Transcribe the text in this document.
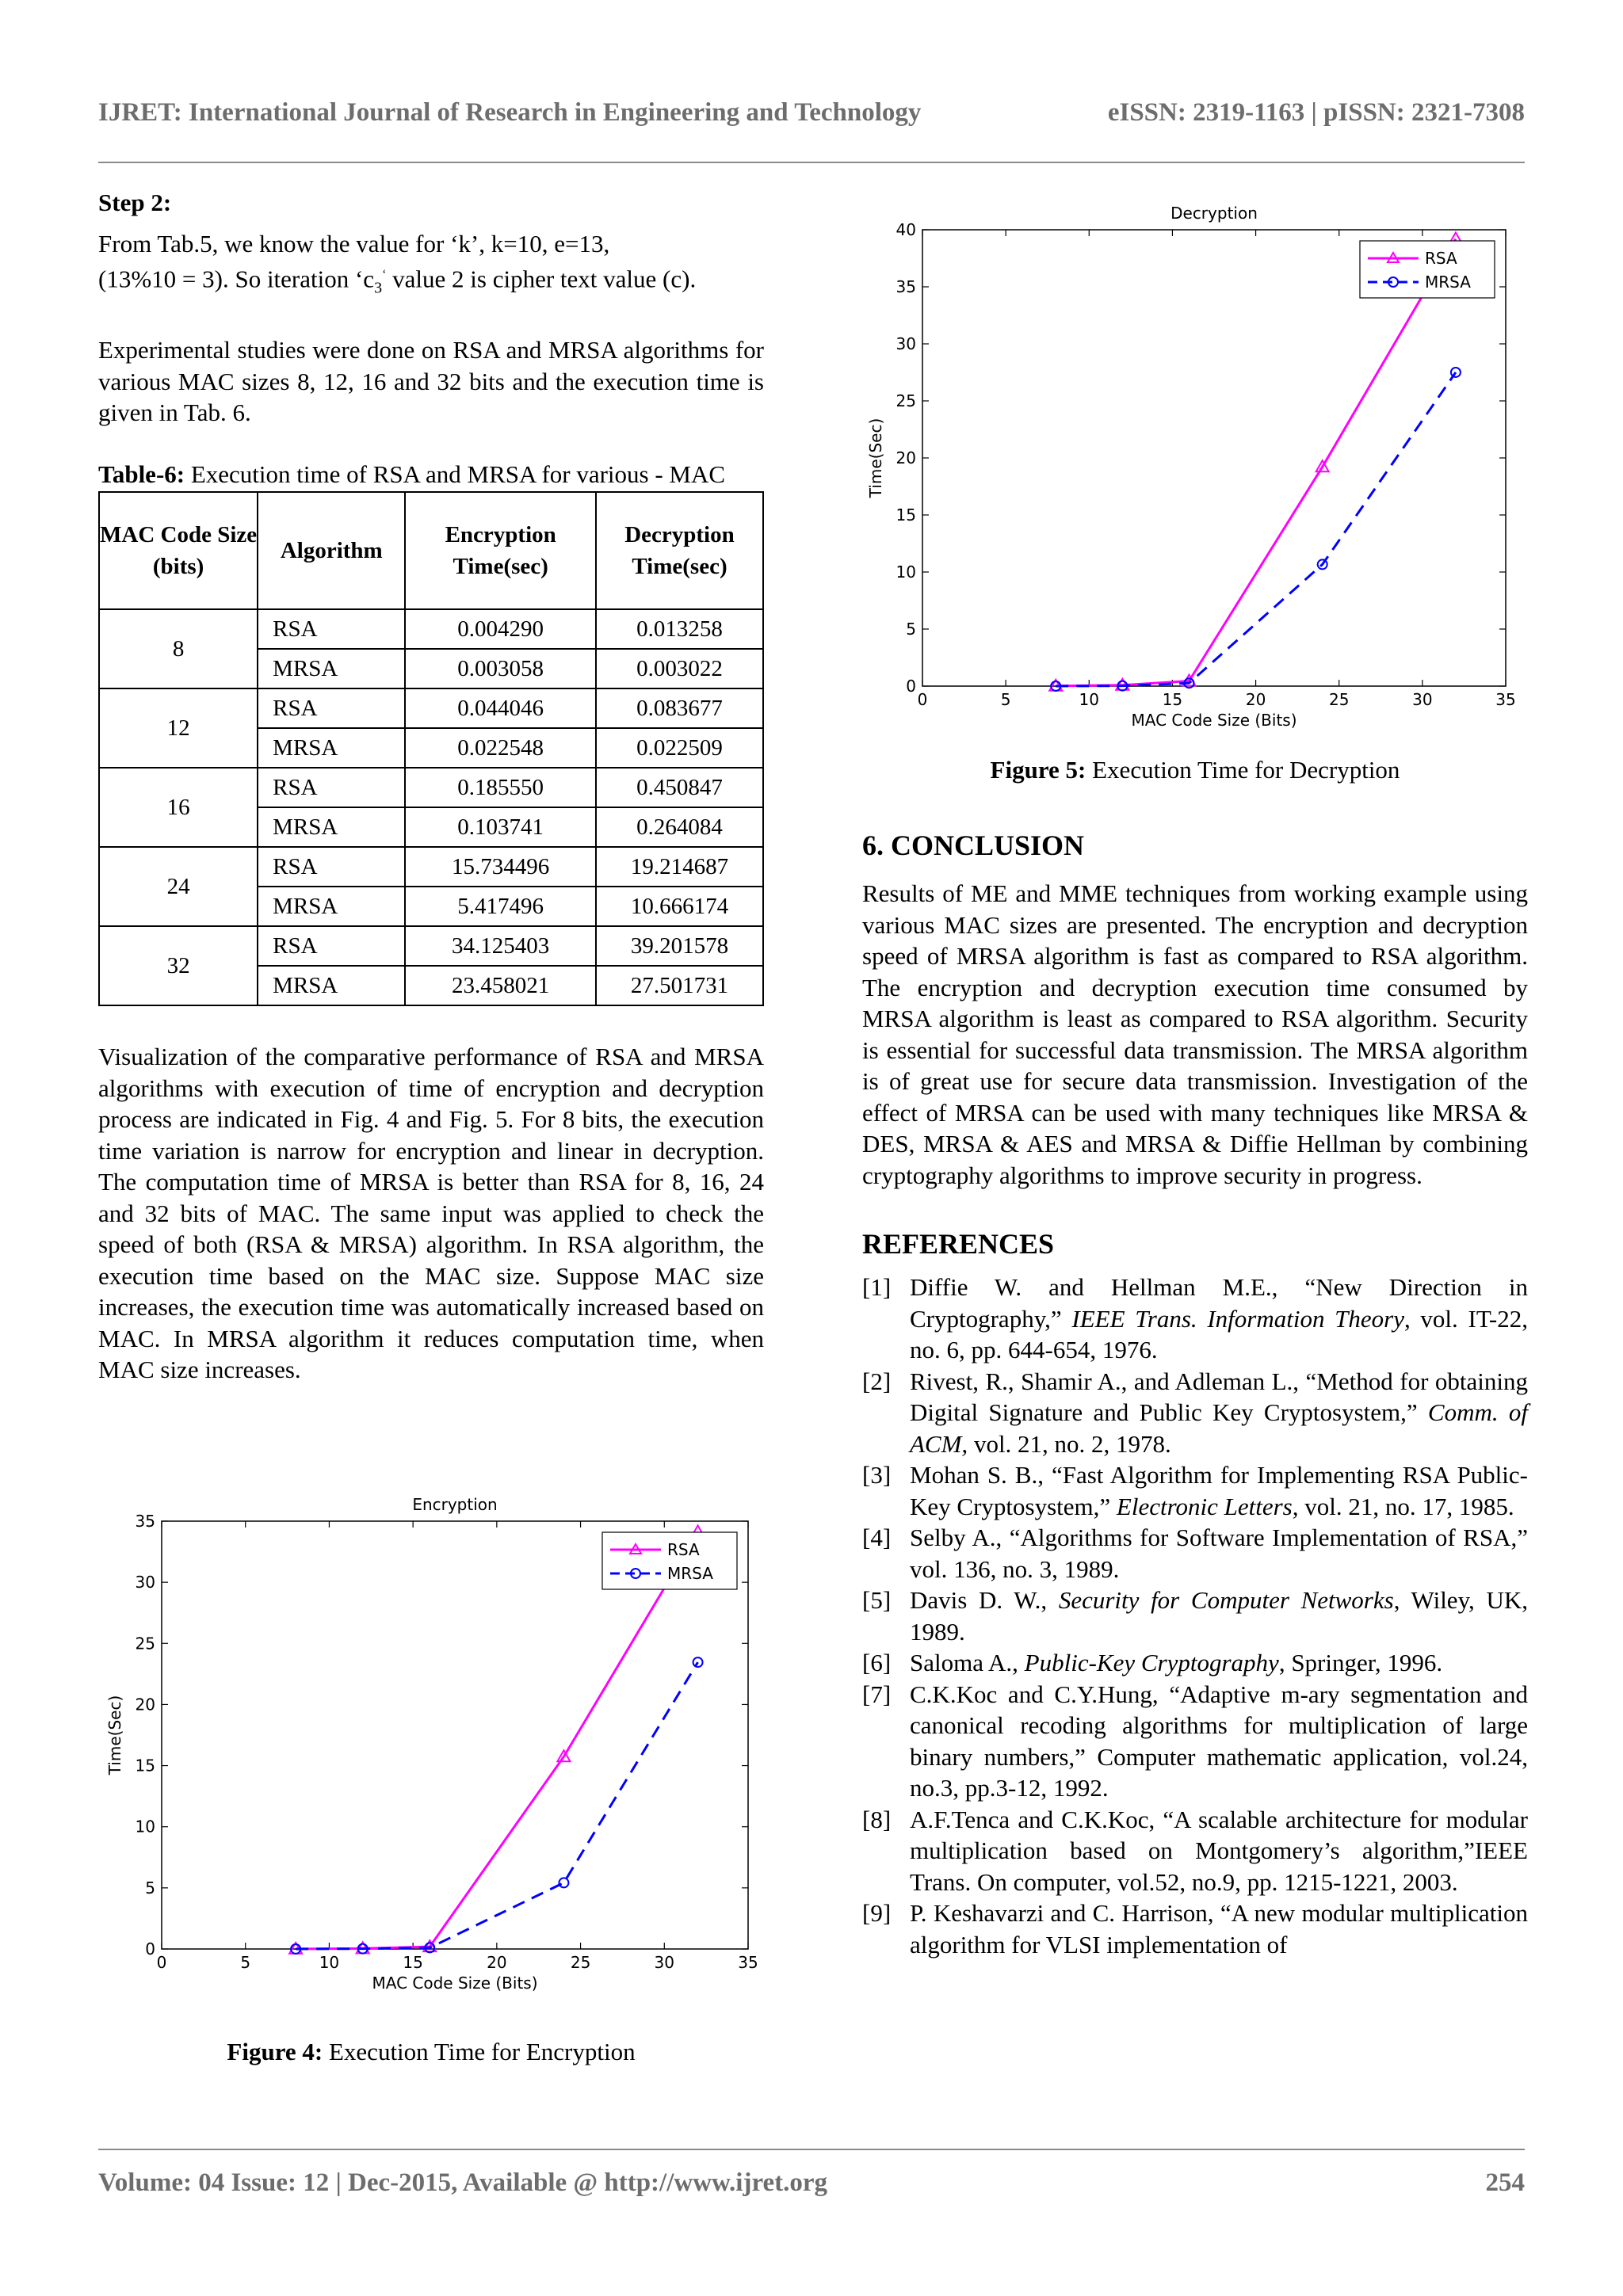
IJRET: International Journal of Research in Engineering and Technology	eISSN: 2319-1163 | pISSN: 2321-7308
Volume: 04 Issue: 12 | Dec-2015, Available @ http://www.ijret.org	254
Step 2:
From Tab.5, we know the value for ‘k’, k=10, e=13,
(13%10 = 3). So iteration ‘$c_3^‘$ value 2 is cipher text value (c).
Experimental studies were done on RSA and MRSA algorithms for various MAC sizes 8, 12, 16 and 32 bits and the execution time is given in Tab. 6.
Table-6: Execution time of RSA and MRSA for various - MAC
MAC Code Size (bits)	Algorithm	Encryption Time(sec)	Decryption Time(sec)
8	RSA	0.004290	0.013258
	MRSA	0.003058	0.003022
12	RSA	0.044046	0.083677
	MRSA	0.022548	0.022509
16	RSA	0.185550	0.450847
	MRSA	0.103741	0.264084
24	RSA	15.734496	19.214687
	MRSA	5.417496	10.666174
32	RSA	34.125403	39.201578
	MRSA	23.458021	27.501731
Visualization of the comparative performance of RSA and MRSA algorithms with execution of time of encryption and decryption process are indicated in Fig. 4 and Fig. 5. For 8 bits, the execution time variation is narrow for encryption and linear in decryption. The computation time of MRSA is better than RSA for 8, 16, 24 and 32 bits of MAC. The same input was applied to check the speed of both (RSA & MRSA) algorithm. In RSA algorithm, the execution time based on the MAC size. Suppose MAC size increases, the execution time was automatically increased based on MAC. In MRSA algorithm it reduces computation time, when MAC size increases.
0	5	10	15	20	25	30	35
0
5
10
15
20
25
30
35
Encryption
MAC Code Size (Bits)
Time(Sec)
RSA
MRSA
Figure 4: Execution Time for Encryption
0	5	10	15	20	25	30	35
0
5
10
15
20
25
30
35
40
Decryption
MAC Code Size (Bits)
Time(Sec)
RSA
MRSA
Figure 5: Execution Time for Decryption
6. CONCLUSION
Results of ME and MME techniques from working example using various MAC sizes are presented. The encryption and decryption speed of MRSA algorithm is fast as compared to RSA algorithm. The encryption and decryption execution time consumed by MRSA algorithm is least as compared to RSA algorithm. Security is essential for successful data transmission. The MRSA algorithm is of great use for secure data transmission. Investigation of the effect of MRSA can be used with many techniques like MRSA & DES, MRSA & AES and MRSA & Diffie Hellman by combining cryptography algorithms to improve security in progress.
REFERENCES
[1] Diffie W. and Hellman M.E., “New Direction in Cryptography,” IEEE Trans. Information Theory, vol. IT-22, no. 6, pp. 644-654, 1976.
[2] Rivest, R., Shamir A., and Adleman L., “Method for obtaining Digital Signature and Public Key Cryptosystem,” Comm. of ACM, vol. 21, no. 2, 1978.
[3] Mohan S. B., “Fast Algorithm for Implementing RSA Public-Key Cryptosystem,” Electronic Letters, vol. 21, no. 17, 1985.
[4] Selby A., “Algorithms for Software Implementation of RSA,” vol. 136, no. 3, 1989.
[5] Davis D. W., Security for Computer Networks, Wiley, UK, 1989.
[6] Saloma A., Public-Key Cryptography, Springer, 1996.
[7] C.K.Koc and C.Y.Hung, “Adaptive m-ary segmentation and canonical recoding algorithms for multiplication of large binary numbers,” Computer mathematic application, vol.24, no.3, pp.3-12, 1992.
[8] A.F.Tenca and C.K.Koc, “A scalable architecture for modular multiplication based on Montgomery’s algorithm,”IEEE Trans. On computer, vol.52, no.9, pp. 1215-1221, 2003.
[9] P. Keshavarzi and C. Harrison, “A new modular multiplication algorithm for VLSI implementation of
